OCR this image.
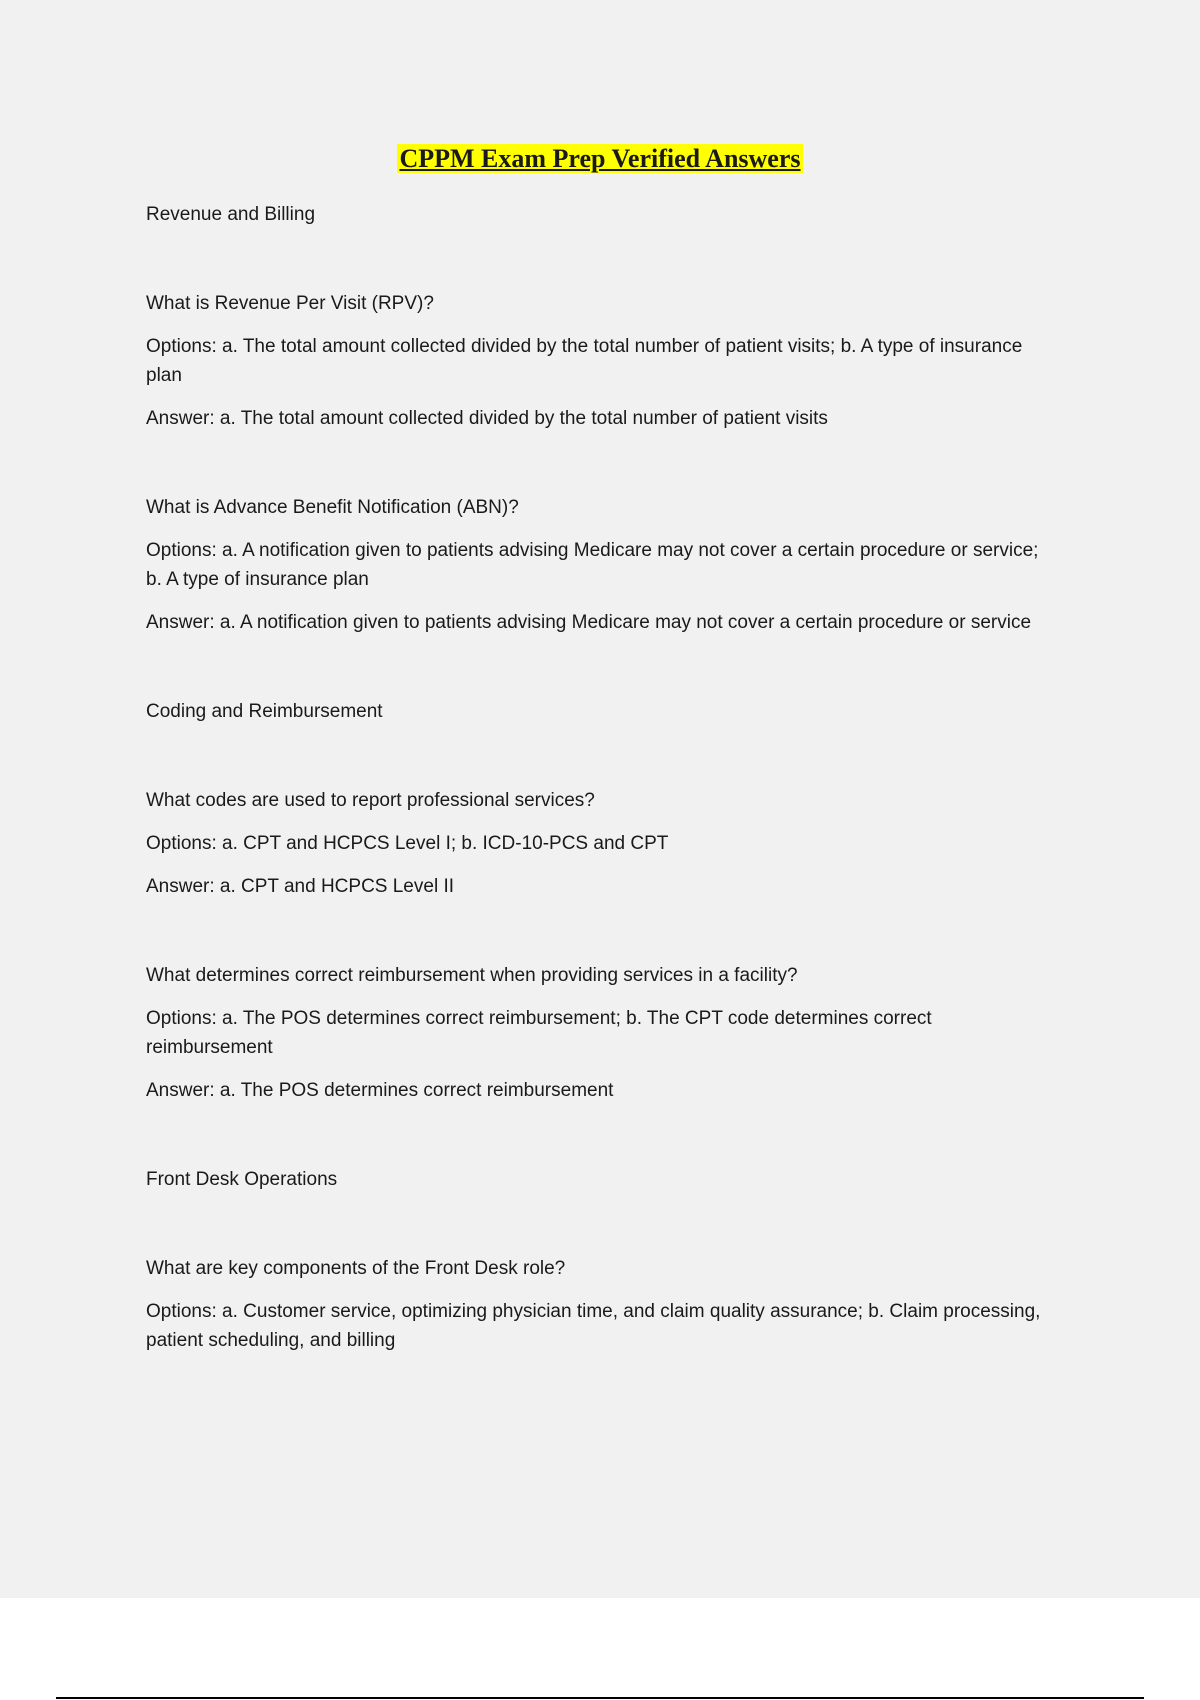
CPPM Exam Prep Verified Answers

Revenue and Billing

What is Revenue Per Visit (RPV)?

Options: a. The total amount collected divided by the total number of patient visits; b. A type of insurance plan

Answer: a. The total amount collected divided by the total number of patient visits

What is Advance Benefit Notification (ABN)?

Options: a. A notification given to patients advising Medicare may not cover a certain procedure or service; b. A type of insurance plan

Answer: a. A notification given to patients advising Medicare may not cover a certain procedure or service

Coding and Reimbursement

What codes are used to report professional services?

Options: a. CPT and HCPCS Level I; b. ICD-10-PCS and CPT

Answer: a. CPT and HCPCS Level II

What determines correct reimbursement when providing services in a facility?

Options: a. The POS determines correct reimbursement; b. The CPT code determines correct reimbursement

Answer: a. The POS determines correct reimbursement

Front Desk Operations

What are key components of the Front Desk role?

Options: a. Customer service, optimizing physician time, and claim quality assurance; b. Claim processing, patient scheduling, and billing
